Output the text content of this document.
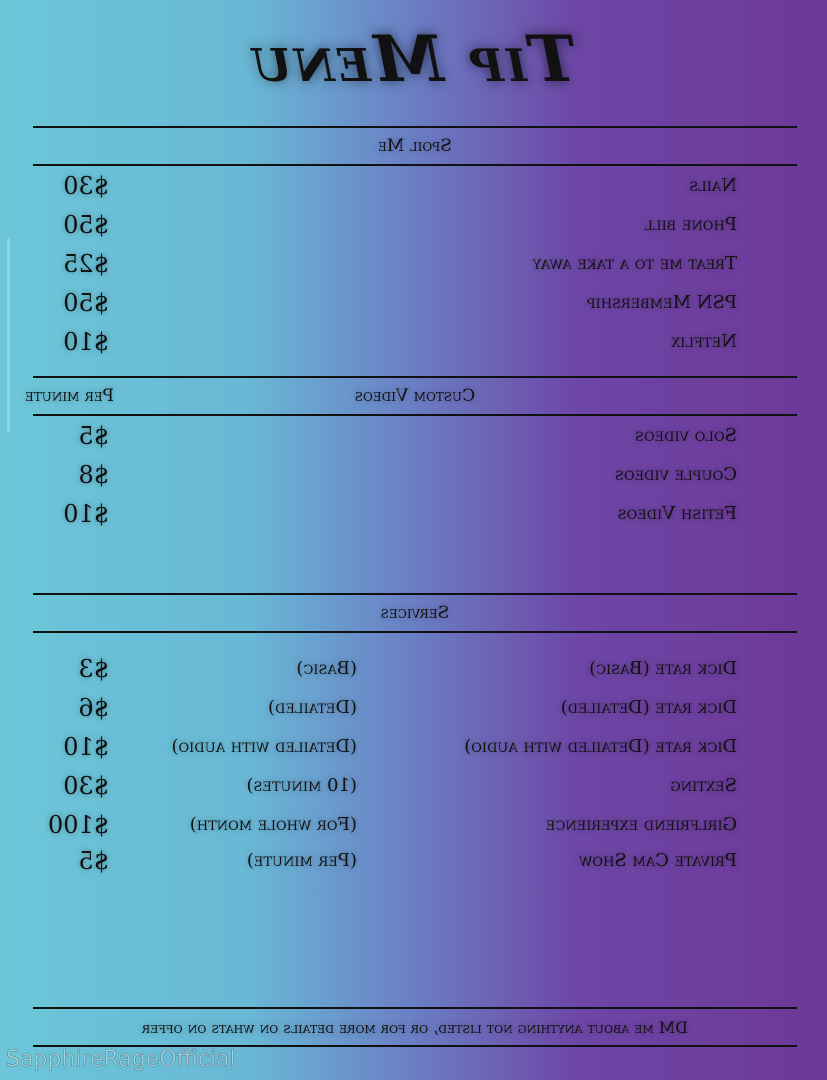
Tip Menu
Spoil Me
Nails
$30
Phone bill
$50
Treat me to a take away
$25
PSN Membership
$50
Netflix
$10
Custom Videos
Per minute
Solo videos
$5
Couple videos
$8
Fetish Videos
$10
Services
Dick rate (Basic)
(Basic)
$3
Dick rate (Detailed)
(Detailed)
$6
Dick rate (Detailed with audio)
(Detailed with audio)
$10
Sexting
(10 minutes)
$30
Girlfriend experience
(For whole month)
$100
Private Cam Show
(Per minute)
$5
DM me about anything not listed, or for more details on whats on offer
SapphireRageOfficial
